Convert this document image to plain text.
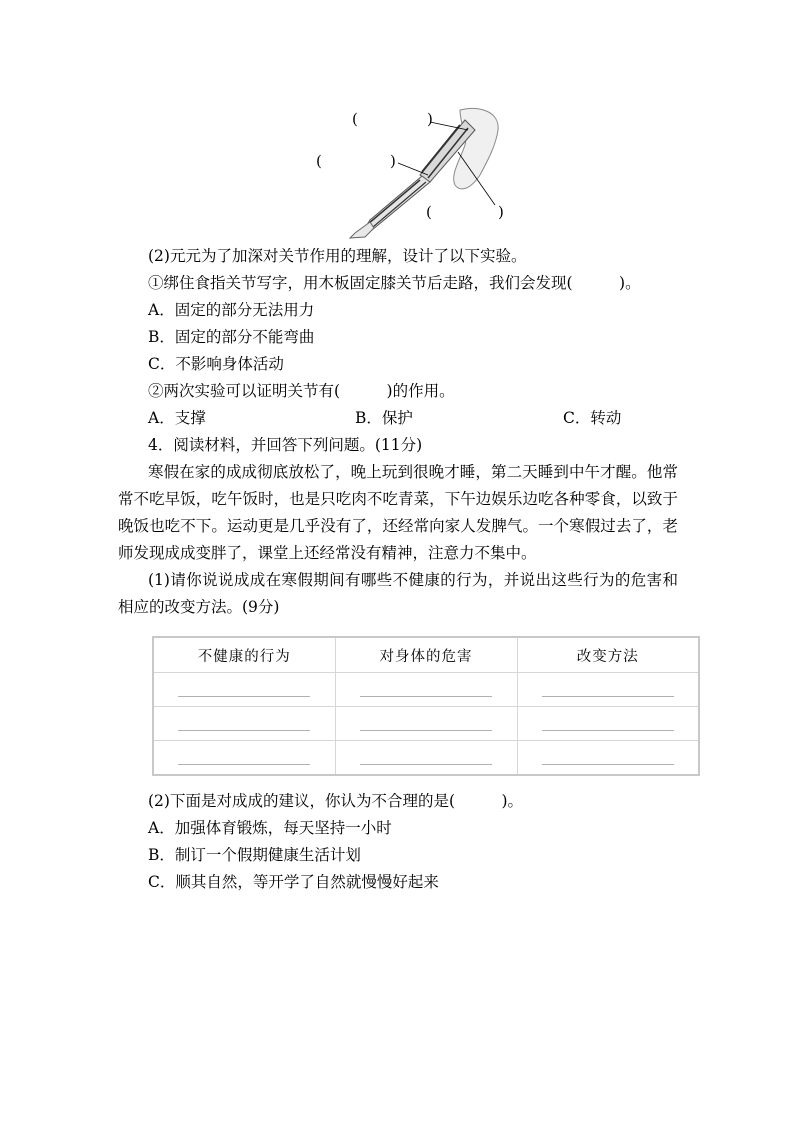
(	)
(	)
(	)
(2)元元为了加深对关节作用的理解，设计了以下实验。
①绑住食指关节写字，用木板固定膝关节后走路，我们会发现(　　　)。
A．固定的部分无法用力
B．固定的部分不能弯曲
C．不影响身体活动
②两次实验可以证明关节有(　　　)的作用。
A．支撑	B．保护	C．转动
4．阅读材料，并回答下列问题。(11分)
寒假在家的成成彻底放松了，晚上玩到很晚才睡，第二天睡到中午才醒。他常常不吃早饭，吃午饭时，也是只吃肉不吃青菜，下午边娱乐边吃各种零食，以致于晚饭也吃不下。运动更是几乎没有了，还经常向家人发脾气。一个寒假过去了，老师发现成成变胖了，课堂上还经常没有精神，注意力不集中。
(1)请你说说成成在寒假期间有哪些不健康的行为，并说出这些行为的危害和相应的改变方法。(9分)
不健康的行为	对身体的危害	改变方法

(2)下面是对成成的建议，你认为不合理的是(　　　)。
A．加强体育锻炼，每天坚持一小时
B．制订一个假期健康生活计划
C．顺其自然，等开学了自然就慢慢好起来
